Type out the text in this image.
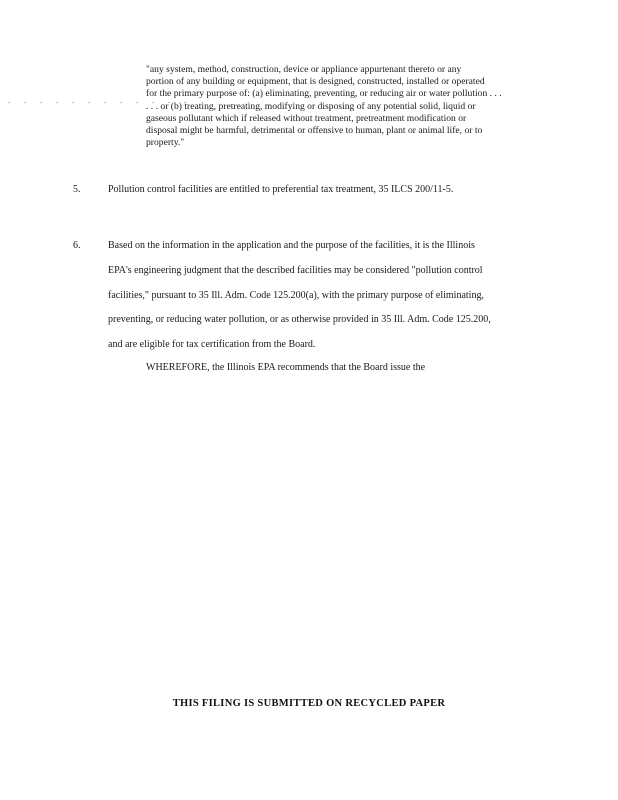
. . . . . . . . . . . .
"any system, method, construction, device or appliance appurtenant thereto or any
portion of any building or equipment, that is designed, constructed, installed or operated
for the primary purpose of: (a) eliminating, preventing, or reducing air or water pollution . . .
. . . or (b) treating, pretreating, modifying or disposing of any potential solid, liquid or
gaseous pollutant which if released without treatment, pretreatment modification or
disposal might be harmful, detrimental or offensive to human, plant or animal life, or to
property."
5.	Pollution control facilities are entitled to preferential tax treatment, 35 ILCS 200/11-5.
6.	Based on the information in the application and the purpose of the facilities, it is the Illinois
EPA's engineering judgment that the described facilities may be considered "pollution control
facilities," pursuant to 35 Ill. Adm. Code 125.200(a), with the primary purpose of eliminating,
preventing, or reducing water pollution, or as otherwise provided in 35 Ill. Adm. Code 125.200,
and are eligible for tax certification from the Board.
WHEREFORE, the Illinois EPA recommends that the Board issue the
THIS FILING IS SUBMITTED ON RECYCLED PAPER
